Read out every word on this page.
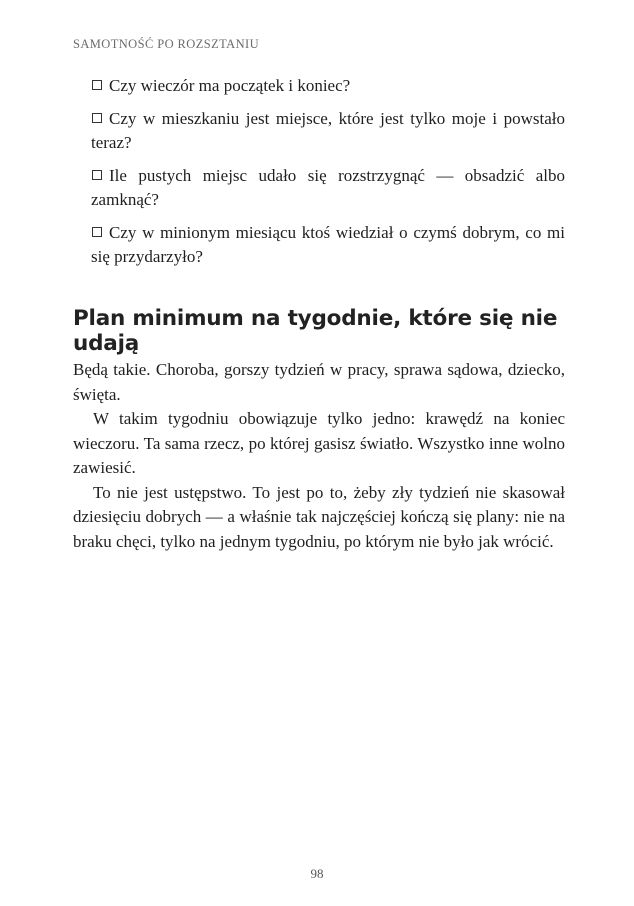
SAMOTNOŚĆ PO ROZSZTANIU
Czy wieczór ma początek i koniec?
Czy w mieszkaniu jest miejsce, które jest tylko moje i powstało teraz?
Ile pustych miejsc udało się rozstrzygnąć — obsadzić albo zamknąć?
Czy w minionym miesiącu ktoś wiedział o czymś dobrym, co mi się przydarzyło?
Plan minimum na tygodnie, które się nie udają

Będą takie. Choroba, gorszy tydzień w pracy, sprawa sądowa, dziecko, święta.

W takim tygodniu obowiązuje tylko jedno: krawędź na koniec wieczoru. Ta sama rzecz, po której gasisz światło. Wszystko inne wolno zawiesić.

To nie jest ustępstwo. To jest po to, żeby zły tydzień nie skasował dziesięciu dobrych — a właśnie tak najczęściej kończą się plany: nie na braku chęci, tylko na jednym tygodniu, po którym nie było jak wrócić.

98
